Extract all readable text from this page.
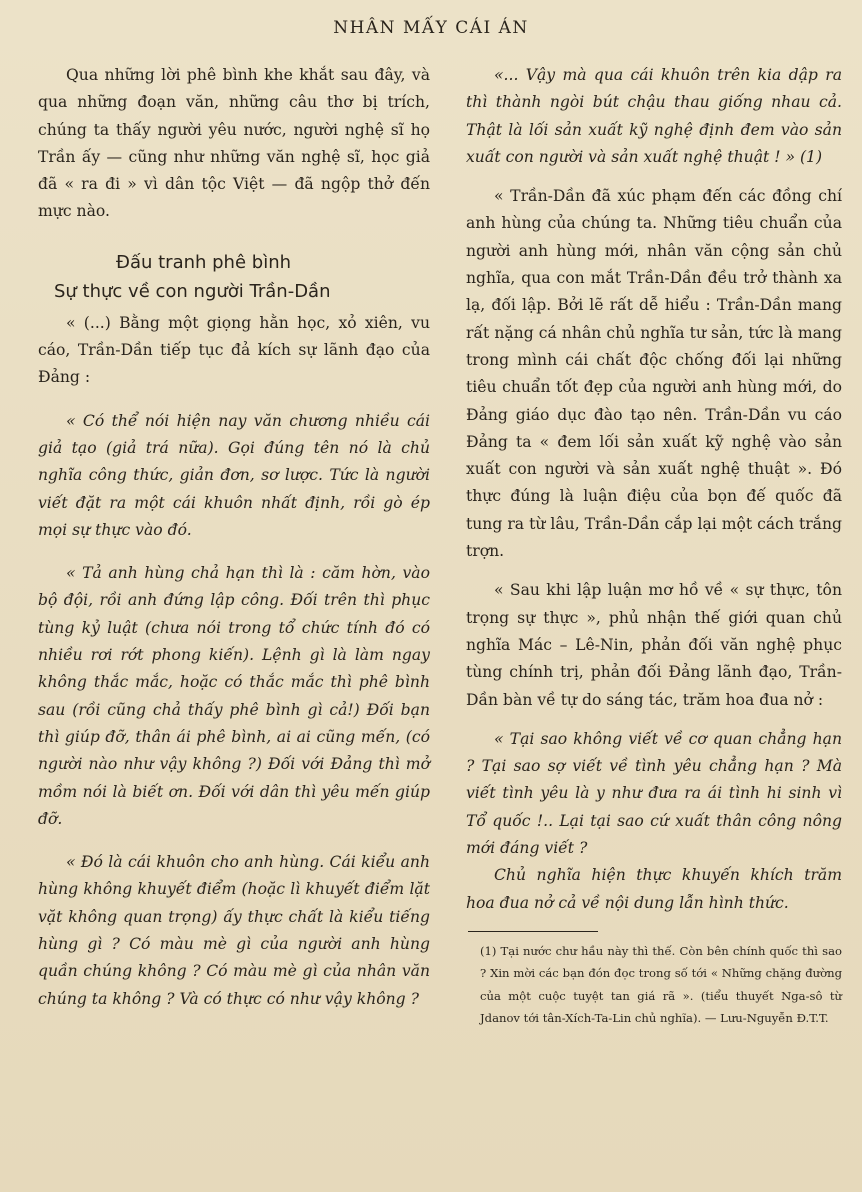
NHÂN MẤY CÁI ÁN

Qua những lời phê bình khe khắt sau đây, và qua những đoạn văn, những câu thơ bị trích, chúng ta thấy người yêu nước, người nghệ sĩ họ Trần ấy — cũng như những văn nghệ sĩ, học giả đã « ra đi » vì dân tộc Việt — đã ngộp thở đến mực nào.

Đấu tranh phê bình
Sự thực về con người Trần-Dần

« (...) Bằng một giọng hằn học, xỏ xiên, vu cáo, Trần-Dần tiếp tục đả kích sự lãnh đạo của Đảng :

« Có thể nói hiện nay văn chương nhiều cái giả tạo (giả trá nữa). Gọi đúng tên nó là chủ nghĩa công thức, giản đơn, sơ lược. Tức là người viết đặt ra một cái khuôn nhất định, rồi gò ép mọi sự thực vào đó.

« Tả anh hùng chả hạn thì là : căm hờn, vào bộ đội, rồi anh đứng lập công. Đối trên thì phục tùng kỷ luật (chưa nói trong tổ chức tính đó có nhiều rơi rớt phong kiến). Lệnh gì là làm ngay không thắc mắc, hoặc có thắc mắc thì phê bình sau (rồi cũng chả thấy phê bình gì cả!) Đối bạn thì giúp đỡ, thân ái phê bình, ai ai cũng mến, (có người nào như vậy không ?) Đối với Đảng thì mở mồm nói là biết ơn. Đối với dân thì yêu mến giúp đỡ.

« Đó là cái khuôn cho anh hùng. Cái kiểu anh hùng không khuyết điểm (hoặc lì khuyết điểm lặt vặt không quan trọng) ấy thực chất là kiểu tiếng hùng gì ? Có màu mè gì của người anh hùng quần chúng không ? Có màu mè gì của nhân văn chúng ta không ? Và có thực có như vậy không ?

«... Vậy mà qua cái khuôn trên kia dập ra thì thành ngòi bút chậu thau giống nhau cả. Thật là lối sản xuất kỹ nghệ định đem vào sản xuất con người và sản xuất nghệ thuật ! » (1)

« Trần-Dần đã xúc phạm đến các đồng chí anh hùng của chúng ta. Những tiêu chuẩn của người anh hùng mới, nhân văn cộng sản chủ nghĩa, qua con mắt Trần-Dần đều trở thành xa lạ, đối lập. Bởi lẽ rất dễ hiểu : Trần-Dần mang rất nặng cá nhân chủ nghĩa tư sản, tức là mang trong mình cái chất độc chống đối lại những tiêu chuẩn tốt đẹp của người anh hùng mới, do Đảng giáo dục đào tạo nên. Trần-Dần vu cáo Đảng ta « đem lối sản xuất kỹ nghệ vào sản xuất con người và sản xuất nghệ thuật ». Đó thực đúng là luận điệu của bọn đế quốc đã tung ra từ lâu, Trần-Dần cắp lại một cách trắng trợn.

« Sau khi lập luận mơ hồ về « sự thực, tôn trọng sự thực », phủ nhận thế giới quan chủ nghĩa Mác – Lê-Nin, phản đối văn nghệ phục tùng chính trị, phản đối Đảng lãnh đạo, Trần-Dần bàn về tự do sáng tác, trăm hoa đua nở :

« Tại sao không viết về cơ quan chẳng hạn ? Tại sao sợ viết về tình yêu chẳng hạn ? Mà viết tình yêu là y như đưa ra ái tình hi sinh vì Tổ quốc !.. Lại tại sao cứ xuất thân công nông mới đáng viết ?

Chủ nghĩa hiện thực khuyến khích trăm hoa đua nở cả về nội dung lẫn hình thức.

(1) Tại nước chư hầu này thì thế. Còn bên chính quốc thì sao ? Xin mời các bạn đón đọc trong số tới « Những chặng đường của một cuộc tuyệt tan giá rã ». (tiểu thuyết Nga-sô từ Jdanov tới tân-Xích-Ta-Lin chủ nghĩa). — Lưu-Nguyễn Đ.T.T.
